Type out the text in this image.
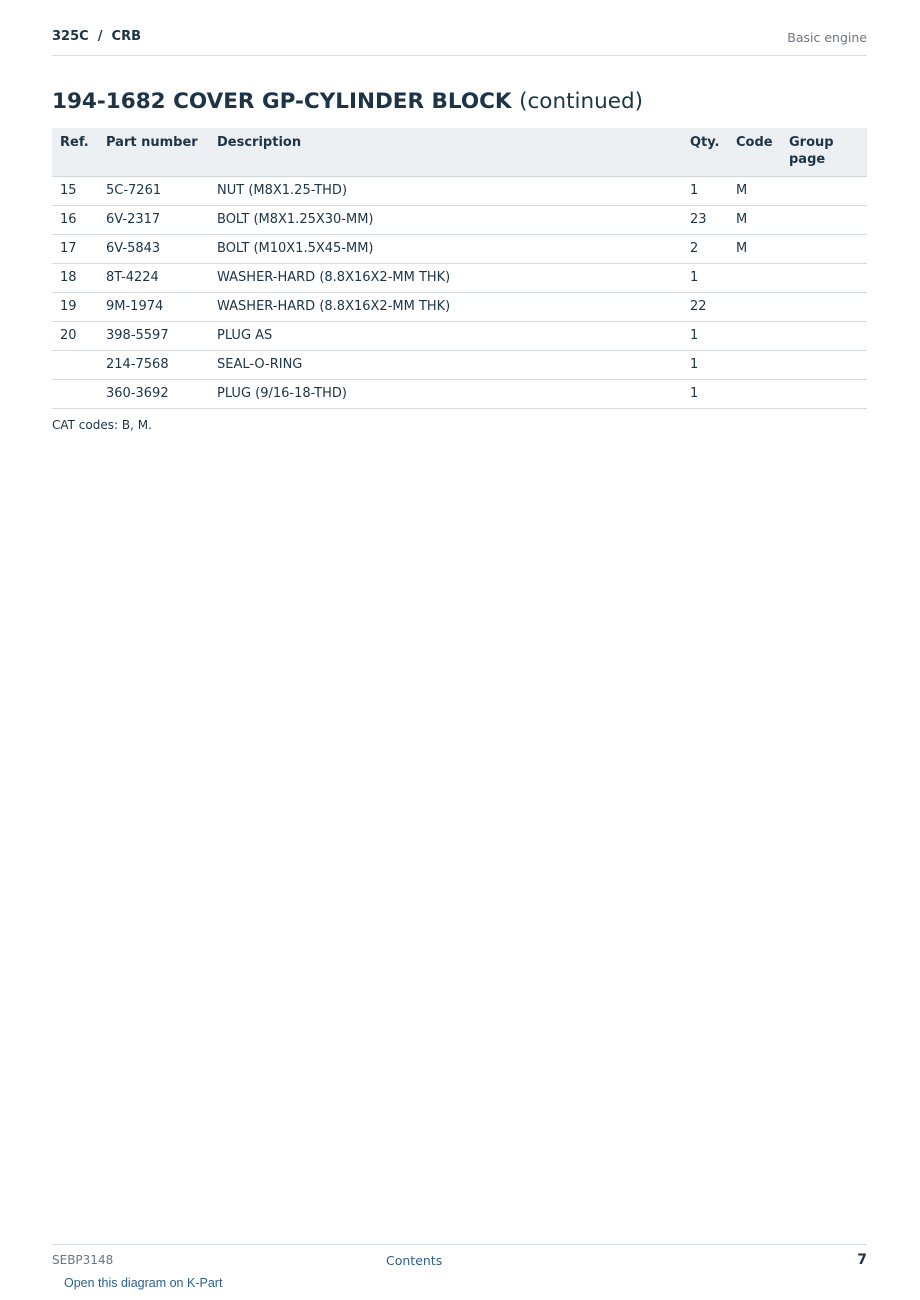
325C  /  CRB	Basic engine
194-1682 COVER GP-CYLINDER BLOCK (continued)
Ref.	Part number	Description	Qty.	Code	Group page
15	5C-7261	NUT (M8X1.25-THD)	1	M	
16	6V-2317	BOLT (M8X1.25X30-MM)	23	M	
17	6V-5843	BOLT (M10X1.5X45-MM)	2	M	
18	8T-4224	WASHER-HARD (8.8X16X2-MM THK)	1		
19	9M-1974	WASHER-HARD (8.8X16X2-MM THK)	22		
20	398-5597	PLUG AS	1		
	214-7568	SEAL-O-RING	1		
	360-3692	PLUG (9/16-18-THD)	1		
CAT codes: B, M.
SEBP3148	Contents	7
Open this diagram on K-Part
